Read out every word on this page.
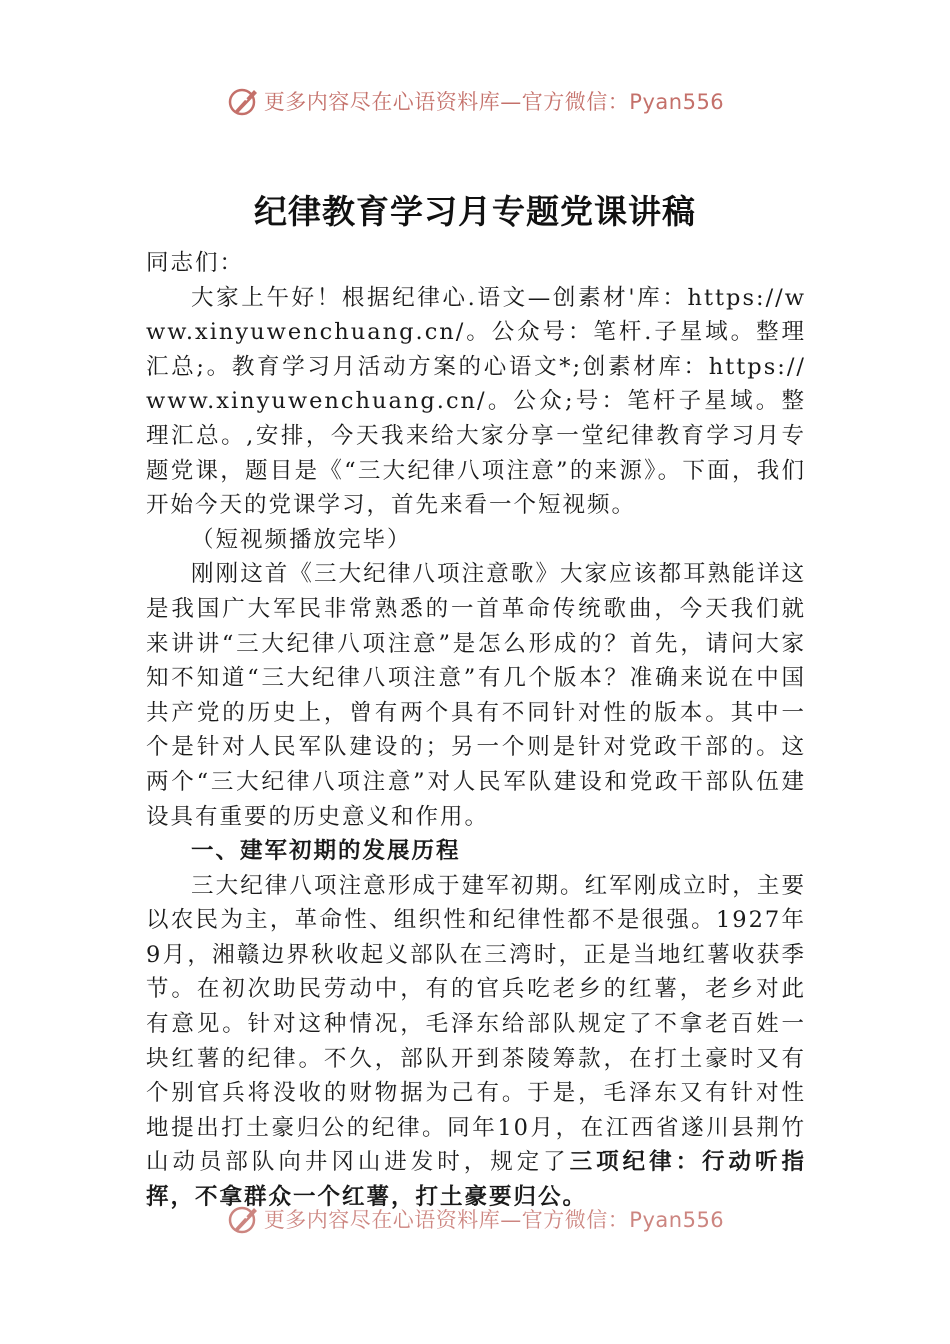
更多内容尽在心语资料库—官方微信：Pyan556
纪律教育学习月专题党课讲稿

同志们：

大家上午好！根据纪律心.语文—创素材'库：https://www.xinyuwenchuang.cn/。公众号：笔杆.子星域。整理汇总;。教育学习月活动方案的心语文*;创素材库：https://www.xinyuwenchuang.cn/。公众;号：笔杆子星域。整理汇总。,安排，今天我来给大家分享一堂纪律教育学习月专题党课，题目是《“三大纪律八项注意”的来源》。下面，我们开始今天的党课学习，首先来看一个短视频。

（短视频播放完毕）

刚刚这首《三大纪律八项注意歌》大家应该都耳熟能详这是我国广大军民非常熟悉的一首革命传统歌曲，今天我们就来讲讲“三大纪律八项注意”是怎么形成的？首先，请问大家知不知道“三大纪律八项注意”有几个版本？准确来说在中国共产党的历史上，曾有两个具有不同针对性的版本。其中一个是针对人民军队建设的；另一个则是针对党政干部的。这两个“三大纪律八项注意”对人民军队建设和党政干部队伍建设具有重要的历史意义和作用。

一、建军初期的发展历程

三大纪律八项注意形成于建军初期。红军刚成立时，主要以农民为主，革命性、组织性和纪律性都不是很强。1927年9月，湘赣边界秋收起义部队在三湾时，正是当地红薯收获季节。在初次助民劳动中，有的官兵吃老乡的红薯，老乡对此有意见。针对这种情况，毛泽东给部队规定了不拿老百姓一块红薯的纪律。不久，部队开到茶陵筹款，在打土豪时又有个别官兵将没收的财物据为己有。于是，毛泽东又有针对性地提出打土豪归公的纪律。同年10月，在江西省遂川县荆竹山动员部队向井冈山进发时，规定了三项纪律：行动听指挥，不拿群众一个红薯，打土豪要归公。

更多内容尽在心语资料库—官方微信：Pyan556
